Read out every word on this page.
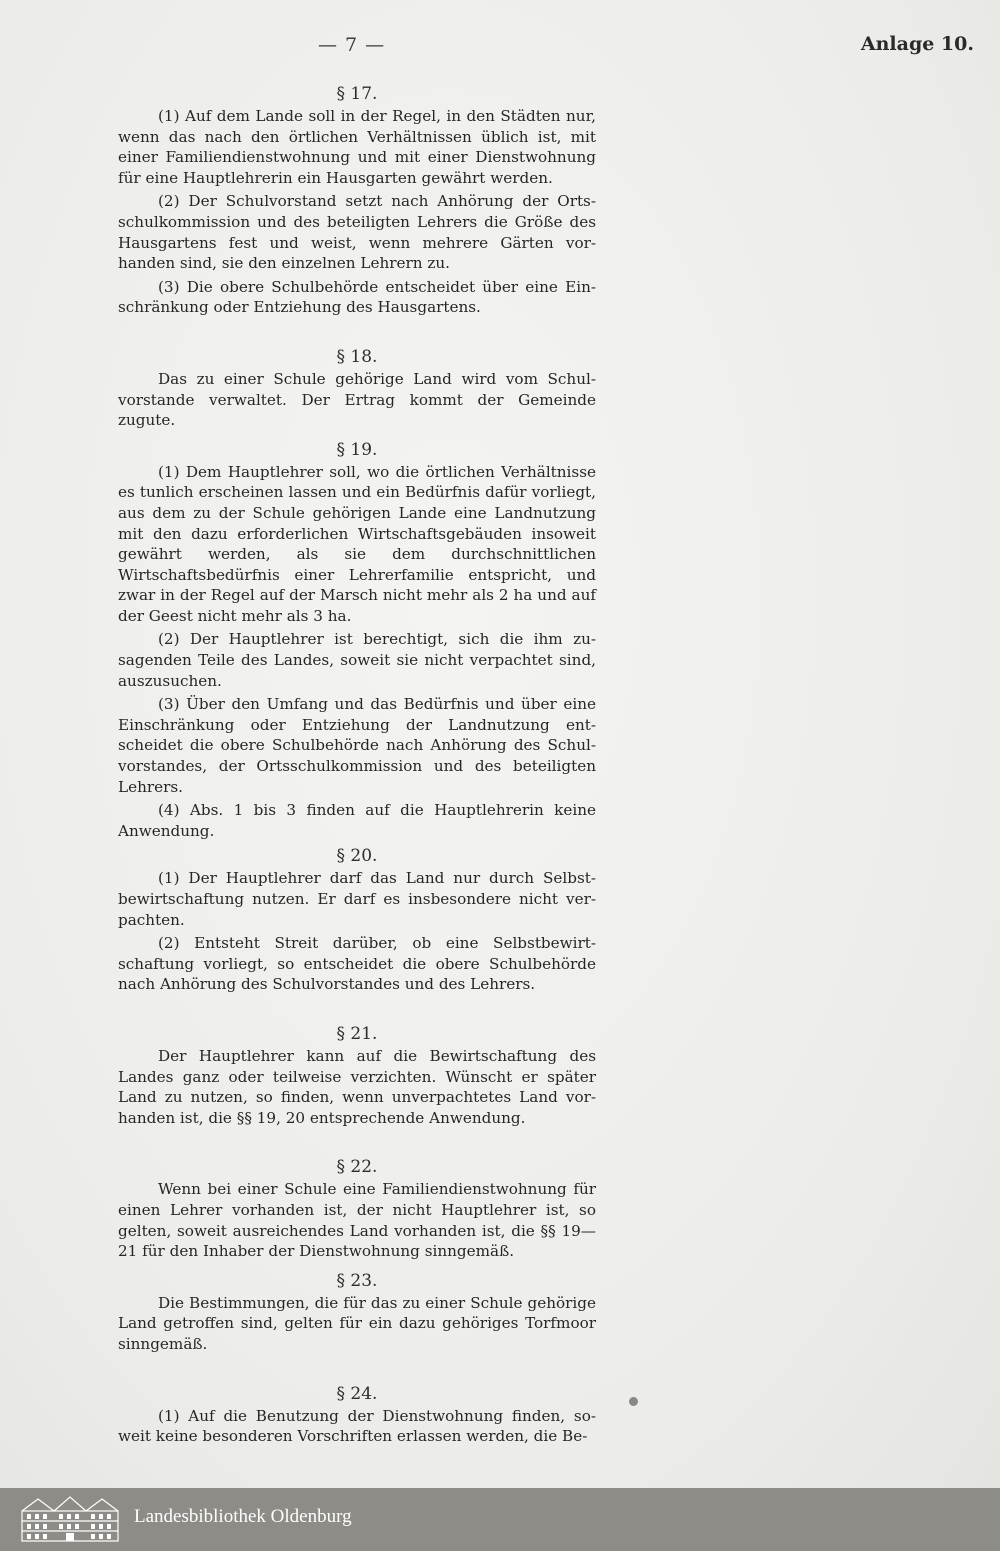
— 7 —	Anlage 10.

§ 17.

(1) Auf dem Lande soll in der Regel, in den Städten nur, wenn das nach den örtlichen Verhältnissen üblich ist, mit einer Familiendienstwohnung und mit einer Dienstwohnung für eine Hauptlehrerin ein Hausgarten gewährt werden.

(2) Der Schulvorstand setzt nach Anhörung der Ortsschulkommission und des beteiligten Lehrers die Größe des Hausgartens fest und weist, wenn mehrere Gärten vorhanden sind, sie den einzelnen Lehrern zu.

(3) Die obere Schulbehörde entscheidet über eine Einschränkung oder Entziehung des Hausgartens.

§ 18.

Das zu einer Schule gehörige Land wird vom Schulvorstande verwaltet. Der Ertrag kommt der Gemeinde zugute.

§ 19.

(1) Dem Hauptlehrer soll, wo die örtlichen Verhältnisse es tunlich erscheinen lassen und ein Bedürfnis dafür vorliegt, aus dem zu der Schule gehörigen Lande eine Landnutzung mit den dazu erforderlichen Wirtschaftsgebäuden insoweit gewährt werden, als sie dem durchschnittlichen Wirtschaftsbedürfnis einer Lehrerfamilie entspricht, und zwar in der Regel auf der Marsch nicht mehr als 2 ha und auf der Geest nicht mehr als 3 ha.

(2) Der Hauptlehrer ist berechtigt, sich die ihm zusagenden Teile des Landes, soweit sie nicht verpachtet sind, auszusuchen.

(3) Über den Umfang und das Bedürfnis und über eine Einschränkung oder Entziehung der Landnutzung entscheidet die obere Schulbehörde nach Anhörung des Schulvorstandes, der Ortsschulkommission und des beteiligten Lehrers.

(4) Abs. 1 bis 3 finden auf die Hauptlehrerin keine Anwendung.

§ 20.

(1) Der Hauptlehrer darf das Land nur durch Selbstbewirtschaftung nutzen. Er darf es insbesondere nicht verpachten.

(2) Entsteht Streit darüber, ob eine Selbstbewirtschaftung vorliegt, so entscheidet die obere Schulbehörde nach Anhörung des Schulvorstandes und des Lehrers.

§ 21.

Der Hauptlehrer kann auf die Bewirtschaftung des Landes ganz oder teilweise verzichten. Wünscht er später Land zu nutzen, so finden, wenn unverpachtetes Land vorhanden ist, die §§ 19, 20 entsprechende Anwendung.

§ 22.

Wenn bei einer Schule eine Familiendienstwohnung für einen Lehrer vorhanden ist, der nicht Hauptlehrer ist, so gelten, soweit ausreichendes Land vorhanden ist, die §§ 19—21 für den Inhaber der Dienstwohnung sinngemäß.

§ 23.

Die Bestimmungen, die für das zu einer Schule gehörige Land getroffen sind, gelten für ein dazu gehöriges Torfmoor sinngemäß.

§ 24.

(1) Auf die Benutzung der Dienstwohnung finden, soweit keine besonderen Vorschriften erlassen werden, die Be-

Landesbibliothek Oldenburg
